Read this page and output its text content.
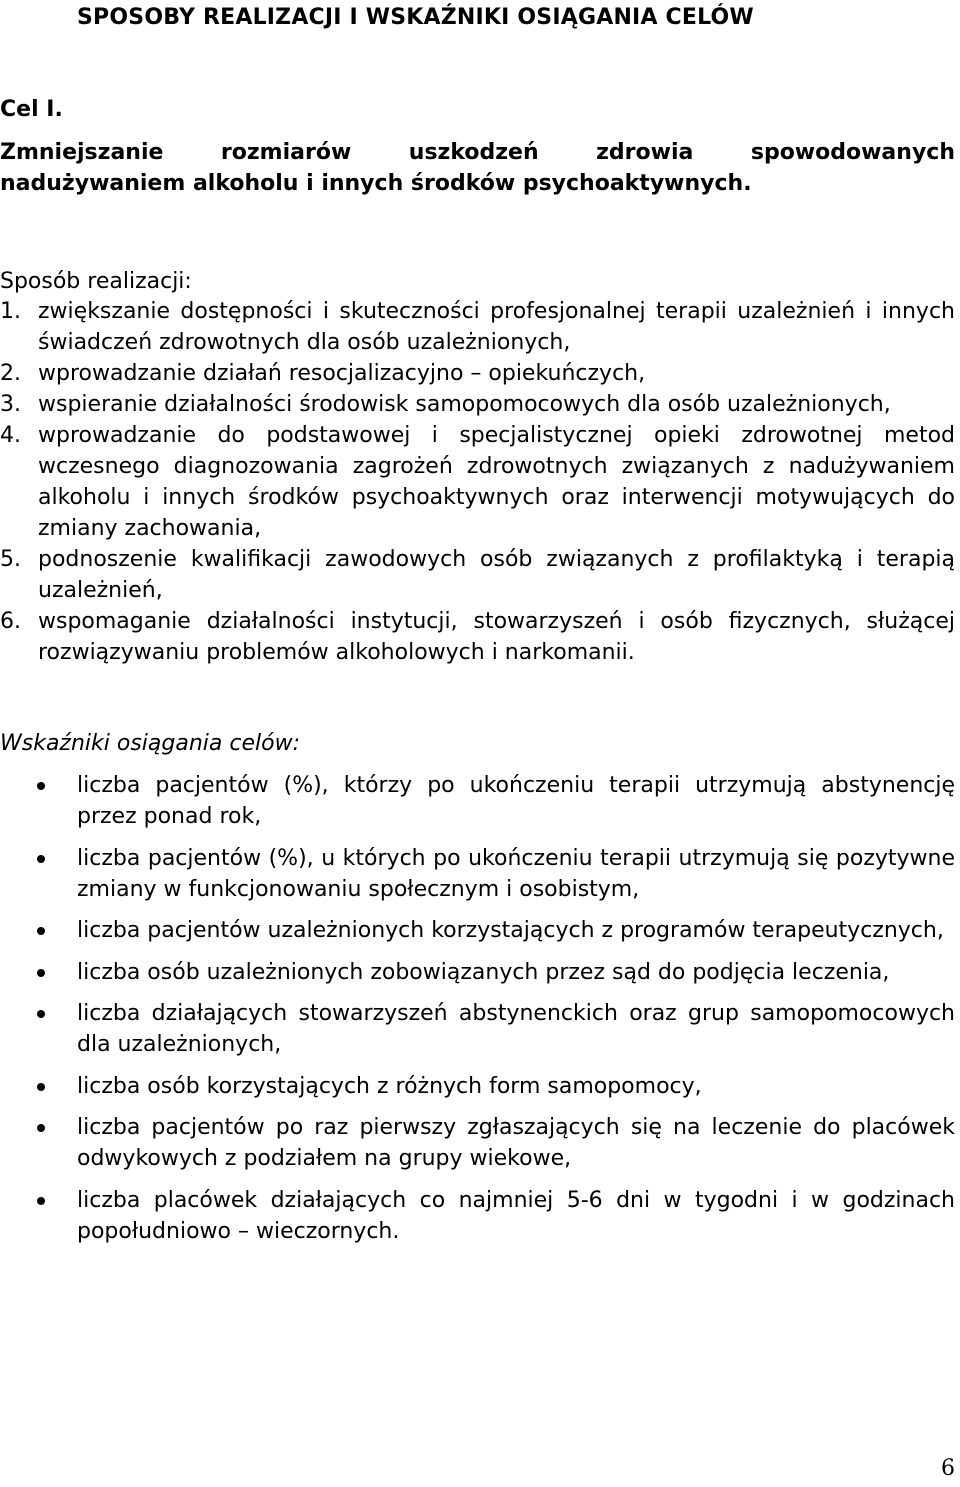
SPOSOBY REALIZACJI I WSKAŹNIKI OSIĄGANIA CELÓW
Cel I.
Zmniejszanie rozmiarów uszkodzeń zdrowia spowodowanych
nadużywaniem alkoholu i innych środków psychoaktywnych.
Sposób realizacji:
1. zwiększanie dostępności i skuteczności profesjonalnej terapii uzależnień i innych świadczeń zdrowotnych dla osób uzależnionych,
2. wprowadzanie działań resocjalizacyjno – opiekuńczych,
3. wspieranie działalności środowisk samopomocowych dla osób uzależnionych,
4. wprowadzanie do podstawowej i specjalistycznej opieki zdrowotnej metod wczesnego diagnozowania zagrożeń zdrowotnych związanych z nadużywaniem alkoholu i innych środków psychoaktywnych oraz interwencji motywujących do zmiany zachowania,
5. podnoszenie kwalifikacji zawodowych osób związanych z profilaktyką i terapią uzależnień,
6. wspomaganie działalności instytucji, stowarzyszeń i osób fizycznych, służącej rozwiązywaniu problemów alkoholowych i narkomanii.
Wskaźniki osiągania celów:
liczba pacjentów (%), którzy po ukończeniu terapii utrzymują abstynencję przez ponad rok,
liczba pacjentów (%), u których po ukończeniu terapii utrzymują się pozytywne zmiany w funkcjonowaniu społecznym i osobistym,
liczba pacjentów uzależnionych korzystających z programów terapeutycznych,
liczba osób uzależnionych zobowiązanych przez sąd do podjęcia leczenia,
liczba działających stowarzyszeń abstynenckich oraz grup samopomocowych dla uzależnionych,
liczba osób korzystających z różnych form samopomocy,
liczba pacjentów po raz pierwszy zgłaszających się na leczenie do placówek odwykowych z podziałem na grupy wiekowe,
liczba placówek działających co najmniej 5-6 dni w tygodni i w godzinach popołudniowo – wieczornych.
6
